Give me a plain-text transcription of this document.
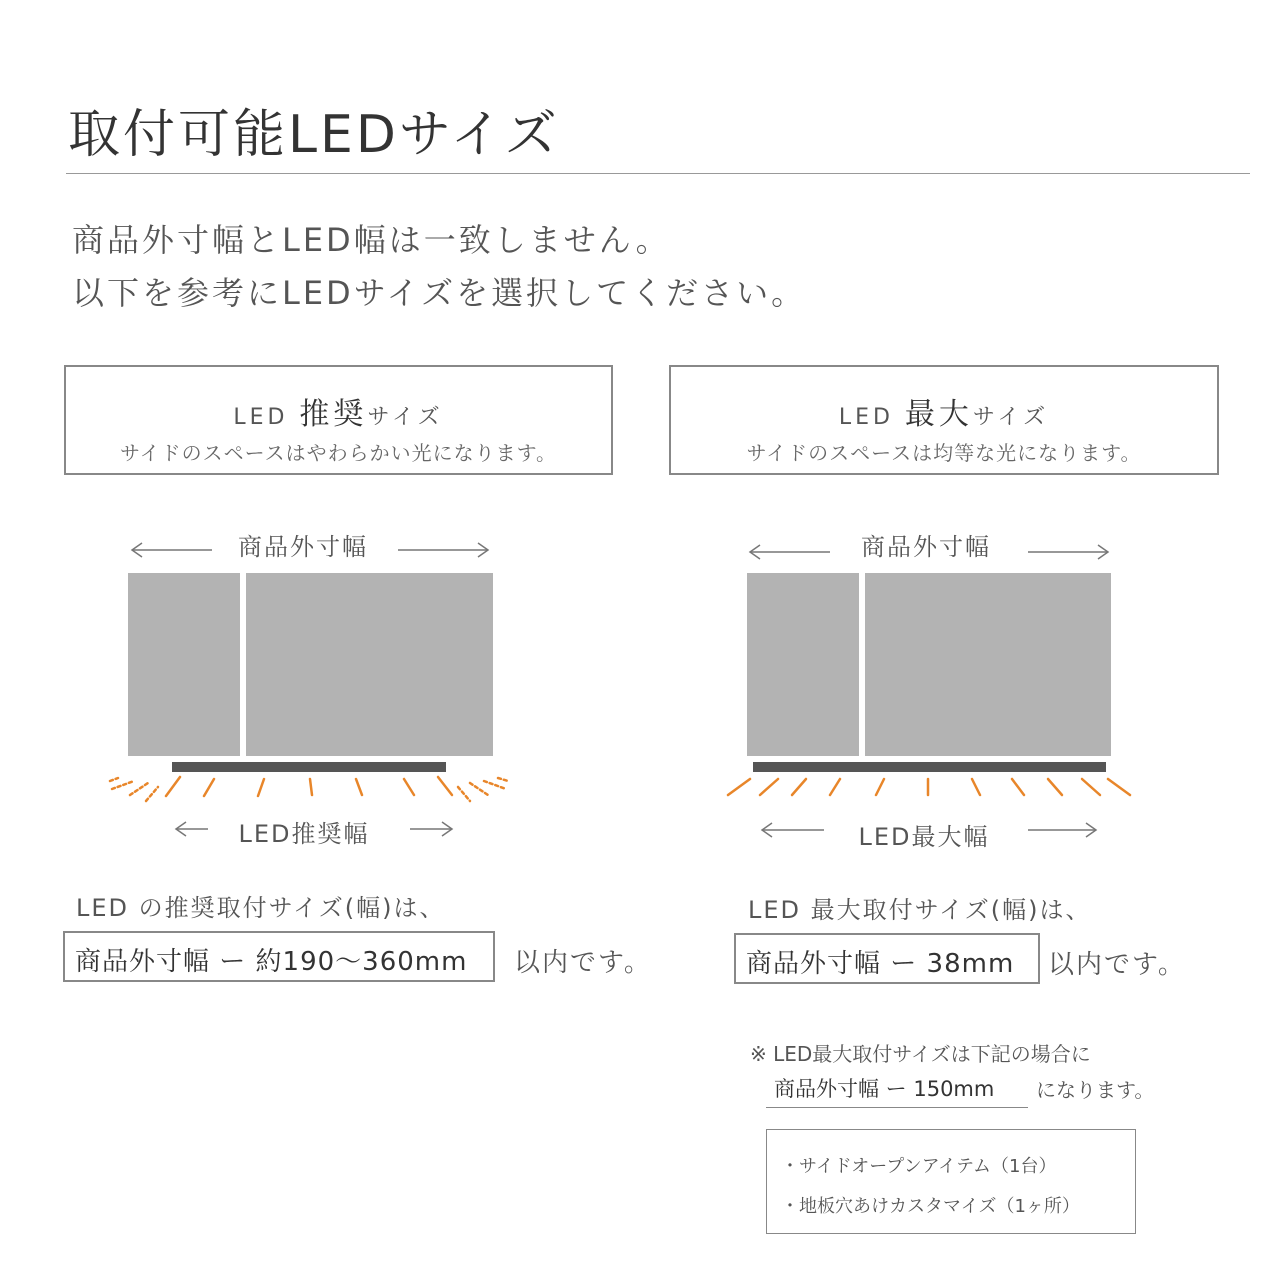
取付可能LEDサイズ
商品外寸幅とLED幅は一致しません。
以下を参考にLEDサイズを選択してください。
LED 推奨サイズ
サイドのスペースはやわらかい光になります。
LED 最大サイズ
サイドのスペースは均等な光になります。
商品外寸幅
LED推奨幅
商品外寸幅
LED最大幅
LED の推奨取付サイズ(幅)は、
商品外寸幅 ー 約190〜360mm	以内です。
LED 最大取付サイズ(幅)は、
商品外寸幅 ー 38mm	以内です。
※ LED最大取付サイズは下記の場合に
商品外寸幅 ー 150mm	になります。
・サイドオープンアイテム（1台）
・地板穴あけカスタマイズ（1ヶ所）
